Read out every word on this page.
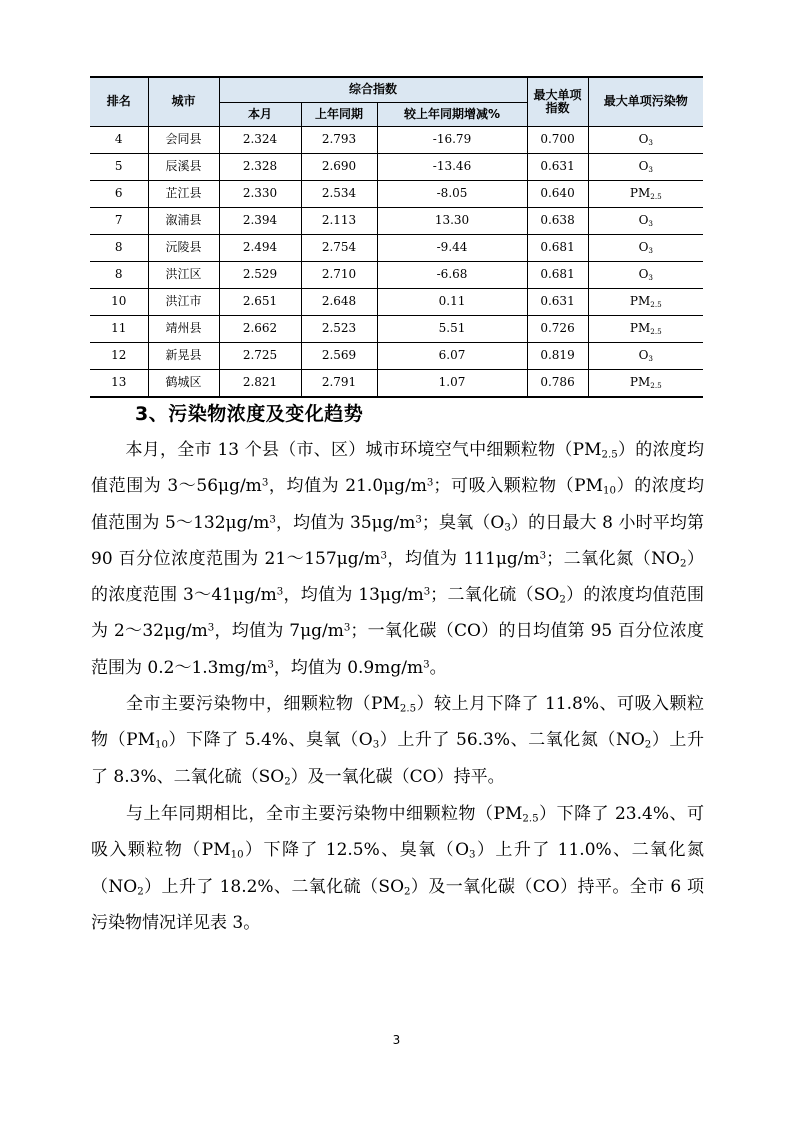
排名	城市	综合指数			最大单项指数	最大单项污染物
		本月	上年同期	较上年同期增减%		
4	会同县	2.324	2.793	-16.79	0.700	$O_3$
5	辰溪县	2.328	2.690	-13.46	0.631	$O_3$
6	芷江县	2.330	2.534	-8.05	0.640	$PM_{2.5}$
7	溆浦县	2.394	2.113	13.30	0.638	$O_3$
8	沅陵县	2.494	2.754	-9.44	0.681	$O_3$
8	洪江区	2.529	2.710	-6.68	0.681	$O_3$
10	洪江市	2.651	2.648	0.11	0.631	$PM_{2.5}$
11	靖州县	2.662	2.523	5.51	0.726	$PM_{2.5}$
12	新晃县	2.725	2.569	6.07	0.819	$O_3$
13	鹤城区	2.821	2.791	1.07	0.786	$PM_{2.5}$
3、污染物浓度及变化趋势
　　本月，全市 13 个县（市、区）城市环境空气中细颗粒物$(PM_{2.5})$的浓度均值范围为 $3\sim 56\mu g/m^3$，均值为 $21.0\mu g/m^3$；可吸入颗粒物$(PM_{10})$的浓度均值范围为 $5\sim 132\mu g/m^3$，均值为 $35\mu g/m^3$；臭氧$(O_3)$的日最大 8 小时平均第 90 百分位浓度范围为 $21\sim 157\mu g/m^3$，均值为 $111\mu g/m^3$；二氧化氮$(NO_2)$的浓度范围 $3\sim 41\mu g/m^3$，均值为 $13\mu g/m^3$；二氧化硫$(SO_2)$的浓度均值范围为 $2\sim 32\mu g/m^3$，均值为 $7\mu g/m^3$；一氧化碳（CO）的日均值第 95 百分位浓度范围为 $0.2\sim 1.3mg/m^3$，均值为 $0.9mg/m^3$。
　　全市主要污染物中，细颗粒物$(PM_{2.5})$较上月下降了 11.8%、可吸入颗粒物$(PM_{10})$下降了 5.4%、臭氧$(O_3)$上升了 56.3%、二氧化氮$(NO_2)$上升了 8.3%、二氧化硫$(SO_2)$及一氧化碳（CO）持平。
　　与上年同期相比，全市主要污染物中细颗粒物$(PM_{2.5})$下降了 23.4%、可吸入颗粒物$(PM_{10})$下降了 12.5%、臭氧$(O_3)$上升了 11.0%、二氧化氮$(NO_2)$上升了 18.2%、二氧化硫$(SO_2)$及一氧化碳（CO）持平。全市 6 项污染物情况详见表 3。
3
